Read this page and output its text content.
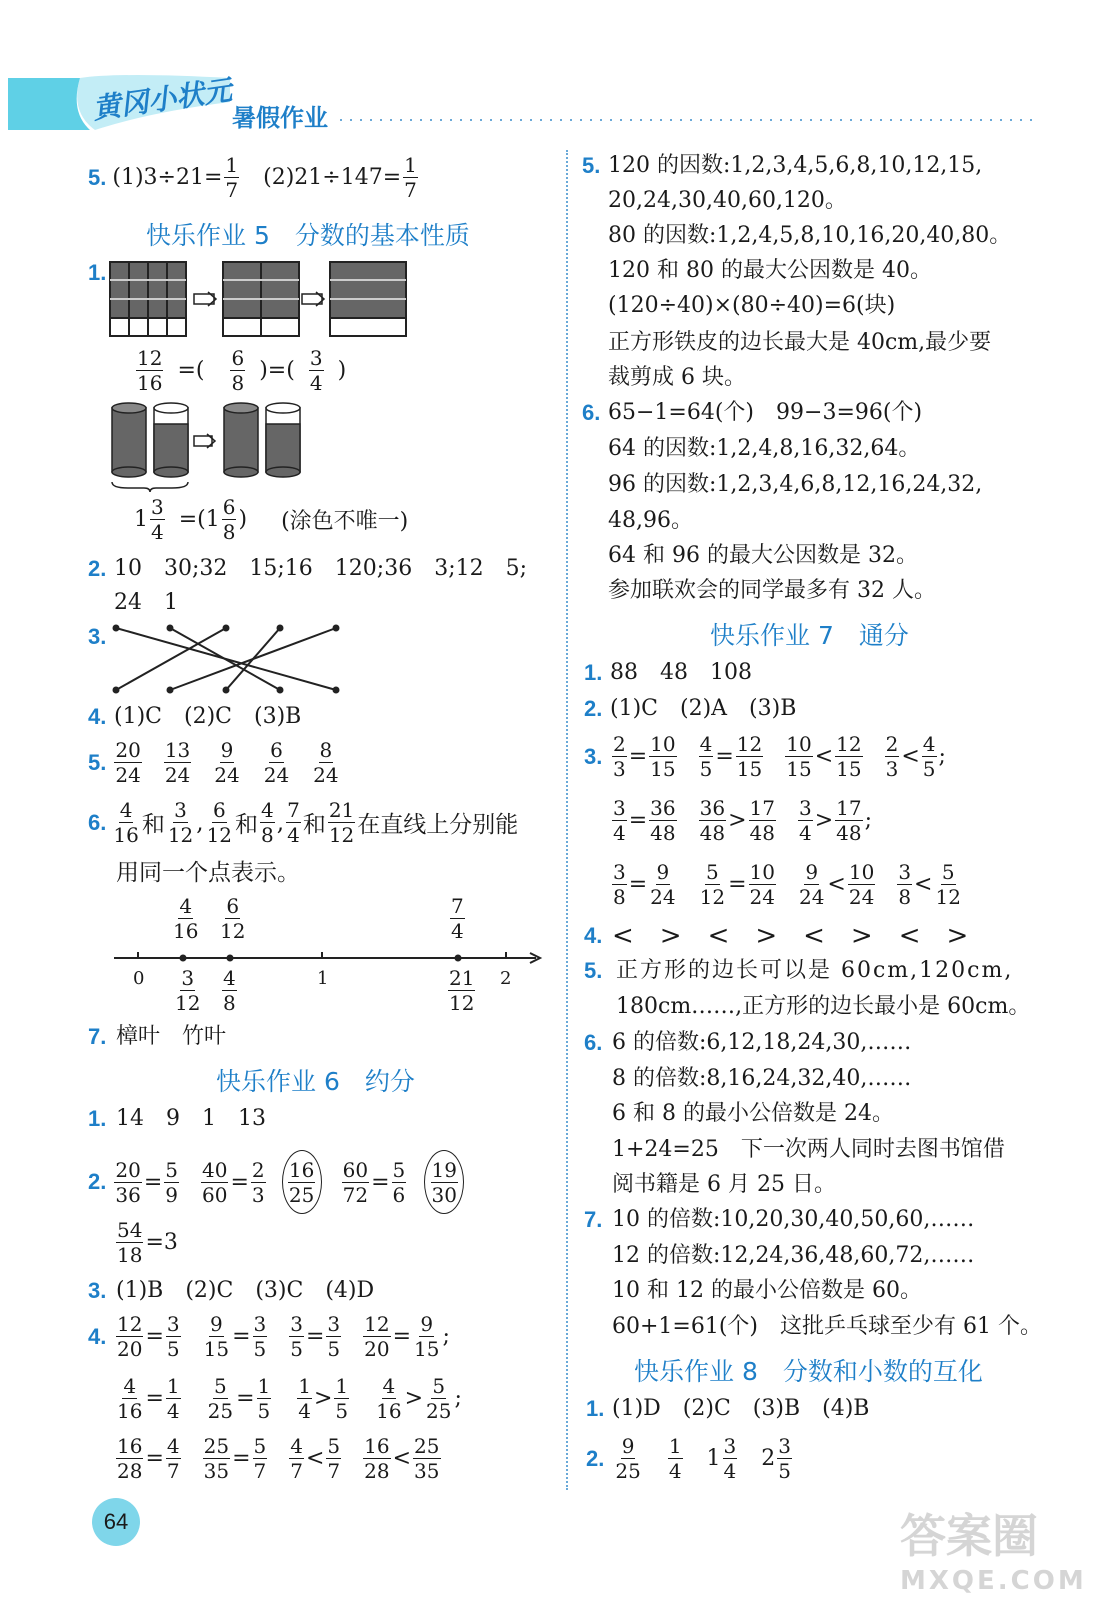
黄冈小状元
暑假作业
5. $(1)3\div 21= \frac{1}{7} (2)21\div 147= \frac{1}{7}$
快乐作业 5　分数的基本性质
1.
$\frac{12}{16}$ =( $\frac{6}{8}$ )=( $\frac{3}{4}$ )
$1 \frac{3}{4} =(1 \frac{6}{8}$ ) (涂色不唯一)
2. 10　30;32　15;16　120;36　3;12　5;
24　1
3.
4. (1)C　(2)C　(3)B
5. $\frac{20}{24} \frac{13}{24} \frac{9}{24} \frac{6}{24} \frac{8}{24}$
6. $\frac{4}{16}$ 和 $\frac{3}{12}$ , $\frac{6}{12}$ 和 $\frac{4}{8}$ , $\frac{7}{4}$ 和 $\frac{21}{12}$ 在直线上分别能
用同一个点表示。
$\frac{4}{16} \frac{6}{12}$	$\frac{7}{4}$
0	1	2
$\frac{3}{12} \frac{4}{8}$	$\frac{21}{12}$
7. 樟叶　竹叶
快乐作业 6　约分
1. 14　9　1　13
2. $\frac{20}{36} = \frac{5}{9} \frac{40}{60} = \frac{2}{3} \frac{16}{25} \frac{60}{72} = \frac{5}{6} \frac{19}{30}$
$\frac{54}{18} =3$
3. (1)B　(2)C　(3)C　(4)D
4. $\frac{12}{20} = \frac{3}{5} \frac{9}{15} = \frac{3}{5} \frac{3}{5} = \frac{3}{5} \frac{12}{20} = \frac{9}{15}$ ;
$\frac{4}{16} = \frac{1}{4} \frac{5}{25} = \frac{1}{5} \frac{1}{4} > \frac{1}{5} \frac{4}{16} > \frac{5}{25}$ ;
$\frac{16}{28} = \frac{4}{7} \frac{25}{35} = \frac{5}{7} \frac{4}{7} < \frac{5}{7} \frac{16}{28} < \frac{25}{35}$
5. 120 的因数:1,2,3,4,5,6,8,10,12,15,
20,24,30,40,60,120。
80 的因数:1,2,4,5,8,10,16,20,40,80。
120 和 80 的最大公因数是 40。
(120÷40)×(80÷40)=6(块)
正方形铁皮的边长最大是 40cm,最少要
裁剪成 6 块。
6. 65−1=64(个)　99−3=96(个)
64 的因数:1,2,4,8,16,32,64。
96 的因数:1,2,3,4,6,8,12,16,24,32,
48,96。
64 和 96 的最大公因数是 32。
参加联欢会的同学最多有 32 人。
快乐作业 7　通分
1. 88　48　108
2. (1)C　(2)A　(3)B
3. $\frac{2}{3} = \frac{10}{15} \frac{4}{5} = \frac{12}{15} \frac{10}{15} < \frac{12}{15} \frac{2}{3} < \frac{4}{5}$ ;
$\frac{3}{4} = \frac{36}{48} \frac{36}{48} > \frac{17}{48} \frac{3}{4} > \frac{17}{48}$ ;
$\frac{3}{8} = \frac{9}{24} \frac{5}{12} = \frac{10}{24} \frac{9}{24} < \frac{10}{24} \frac{3}{8} < \frac{5}{12}$
4. <　>　<　>　<　>　<　>
5. 正方形的边长可以是 60cm,120cm,
180cm……,正方形的边长最小是 60cm。
6. 6 的倍数:6,12,18,24,30,……
8 的倍数:8,16,24,32,40,……
6 和 8 的最小公倍数是 24。
1+24=25　下一次两人同时去图书馆借
阅书籍是 6 月 25 日。
7. 10 的倍数:10,20,30,40,50,60,……
12 的倍数:12,24,36,48,60,72,……
10 和 12 的最小公倍数是 60。
60+1=61(个)　这批乒乓球至少有 61 个。
快乐作业 8　分数和小数的互化
1. (1)D　(2)C　(3)B　(4)B
2. $\frac{9}{25} \frac{1}{4} 1 \frac{3}{4} 2 \frac{3}{5}$
64	答案圈
MXQE.COM
